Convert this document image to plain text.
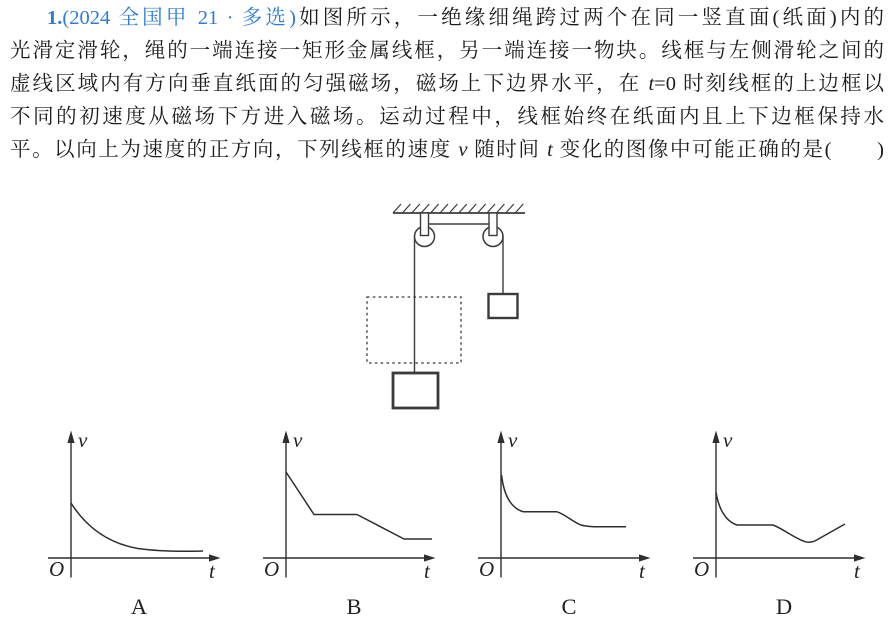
1.(2024 全国甲 21 · 多选)如图所示，一绝缘细绳跨过两个在同一竖直面(纸面)内的
光滑定滑轮，绳的一端连接一矩形金属线框，另一端连接一物块。线框与左侧滑轮之间的
虚线区域内有方向垂直纸面的匀强磁场，磁场上下边界水平，在 t=0 时刻线框的上边框以
不同的初速度从磁场下方进入磁场。运动过程中，线框始终在纸面内且上下边框保持水
平。以向上为速度的正方向，下列线框的速度 v 随时间 t 变化的图像中可能正确的是(　　)
v
O	t
A
v
O	t
B
v
O	t
C
v
O	t
D
